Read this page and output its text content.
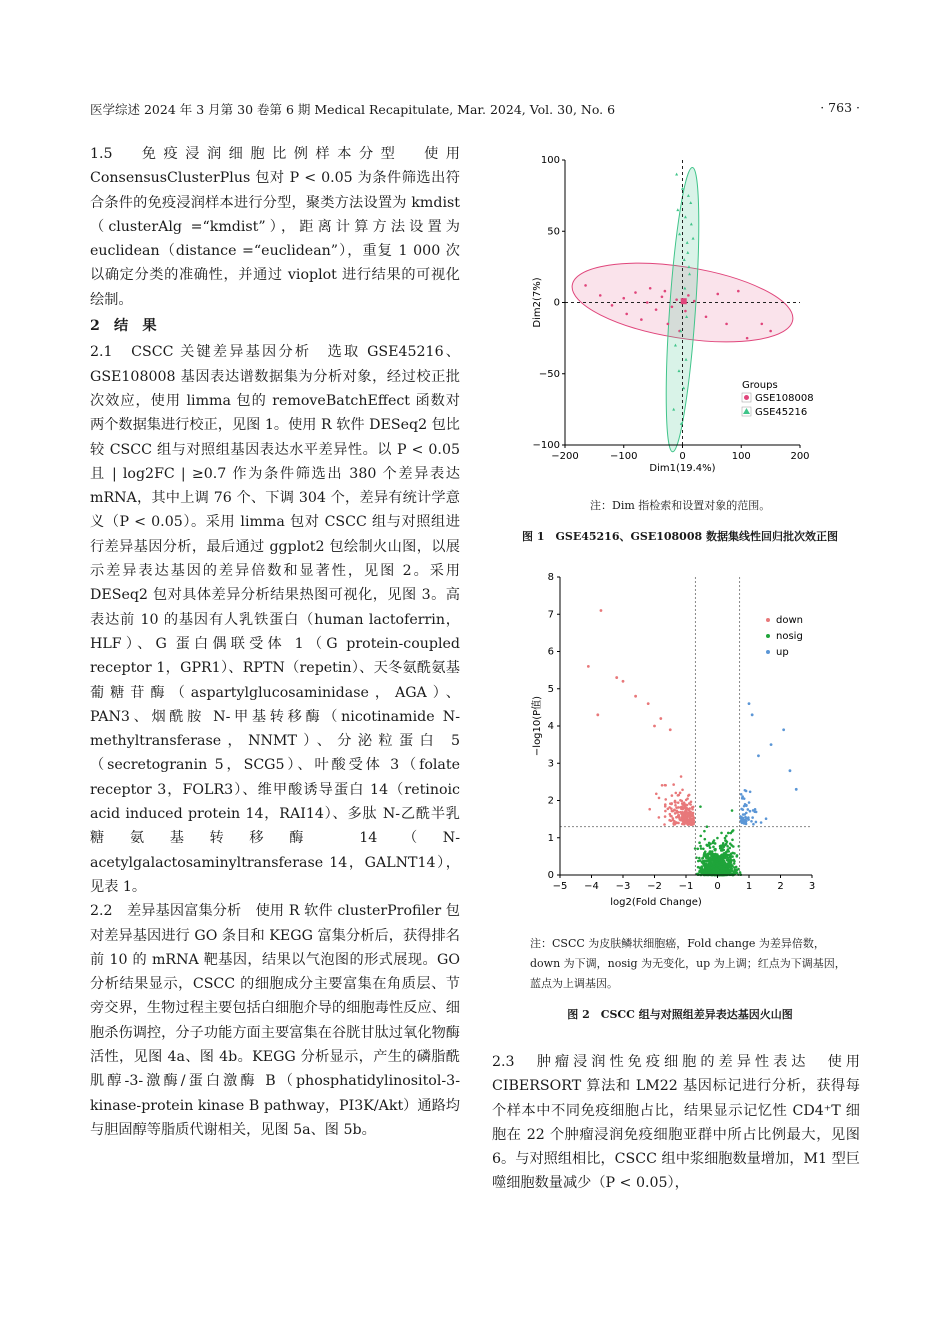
医学综述 2024 年 3 月第 30 卷第 6 期 Medical Recapitulate, Mar. 2024, Vol. 30, No. 6	· 763 ·

1.5　免疫浸润细胞比例样本分型　使用 ConsensusClusterPlus 包对 P < 0.05 为条件筛选出符合条件的免疫浸润样本进行分型，聚类方法设置为 kmdist（clusterAlg =“kmdist”），距离计算方法设置为 euclidean（distance =“euclidean”），重复 1 000 次以确定分类的准确性，并通过 vioplot 进行结果的可视化绘制。

2　结　果

2.1　CSCC 关键差异基因分析　选取 GSE45216、GSE108008 基因表达谱数据集为分析对象，经过校正批次效应，使用 limma 包的 removeBatchEffect 函数对两个数据集进行校正，见图 1。使用 R 软件 DESeq2 包比较 CSCC 组与对照组基因表达水平差异性。以 P < 0.05 且 | log2FC | ≥0.7 作为条件筛选出 380 个差异表达 mRNA，其中上调 76 个、下调 304 个，差异有统计学意义（P < 0.05）。采用 limma 包对 CSCC 组与对照组进行差异基因分析，最后通过 ggplot2 包绘制火山图，以展示差异表达基因的差异倍数和显著性，见图 2。采用 DESeq2 包对具体差异分析结果热图可视化，见图 3。高表达前 10 的基因有人乳铁蛋白（human lactoferrin，HLF）、G 蛋白偶联受体 1（G protein-coupled receptor 1，GPR1）、RPTN（repetin）、天冬氨酰氨基葡糖苷酶（aspartylglucosaminidase，AGA）、PAN3、烟酰胺 N-甲基转移酶（nicotinamide N-methyltransferase，NNMT）、分泌粒蛋白 5（secretogranin 5，SCG5）、叶酸受体 3（folate receptor 3，FOLR3）、维甲酸诱导蛋白 14（retinoic acid induced protein 14，RAI14）、多肽 N-乙酰半乳糖氨基转移酶 14（N-acetylgalactosaminyltransferase 14，GALNT14），见表 1。

2.2　差异基因富集分析　使用 R 软件 clusterProfiler 包对差异基因进行 GO 条目和 KEGG 富集分析后，获得排名前 10 的 mRNA 靶基因，结果以气泡图的形式展现。GO 分析结果显示，CSCC 的细胞成分主要富集在角质层、节旁交界，生物过程主要包括白细胞介导的细胞毒性反应、细胞杀伤调控，分子功能方面主要富集在谷胱甘肽过氧化物酶活性，见图 4a、图 4b。KEGG 分析显示，产生的磷脂酰肌醇-3-激酶/蛋白激酶 B（phosphatidylinositol-3-kinase-protein kinase B pathway，PI3K/Akt）通路均与胆固醇等脂质代谢相关，见图 5a、图 5b。

−200	−100	0	100	200
100
50
0
−50
−100
Dim1(19.4%)
Dim2(7%)
Groups
GSE108008
GSE45216
注：Dim 指检索和设置对象的范围。
图 1　GSE45216、GSE108008 数据集线性回归批次效正图
−5 −4 −3 −2 −1 0	1	2	3
0
1
2
3
4
5
6
7
8
log2(Fold Change)
−log10(P值)
down
nosig
up
注：CSCC 为皮肤鳞状细胞癌，Fold change 为差异倍数，down 为下调，nosig 为无变化，up 为上调；红点为下调基因，蓝点为上调基因。
图 2　CSCC 组与对照组差异表达基因火山图

2.3　肿瘤浸润性免疫细胞的差异性表达　使用 CIBERSORT 算法和 LM22 基因标记进行分析，获得每个样本中不同免疫细胞占比，结果显示记忆性 CD4⁺T 细胞在 22 个肿瘤浸润免疫细胞亚群中所占比例最大，见图 6。与对照组相比，CSCC 组中浆细胞数量增加，M1 型巨噬细胞数量减少（P < 0.05），
